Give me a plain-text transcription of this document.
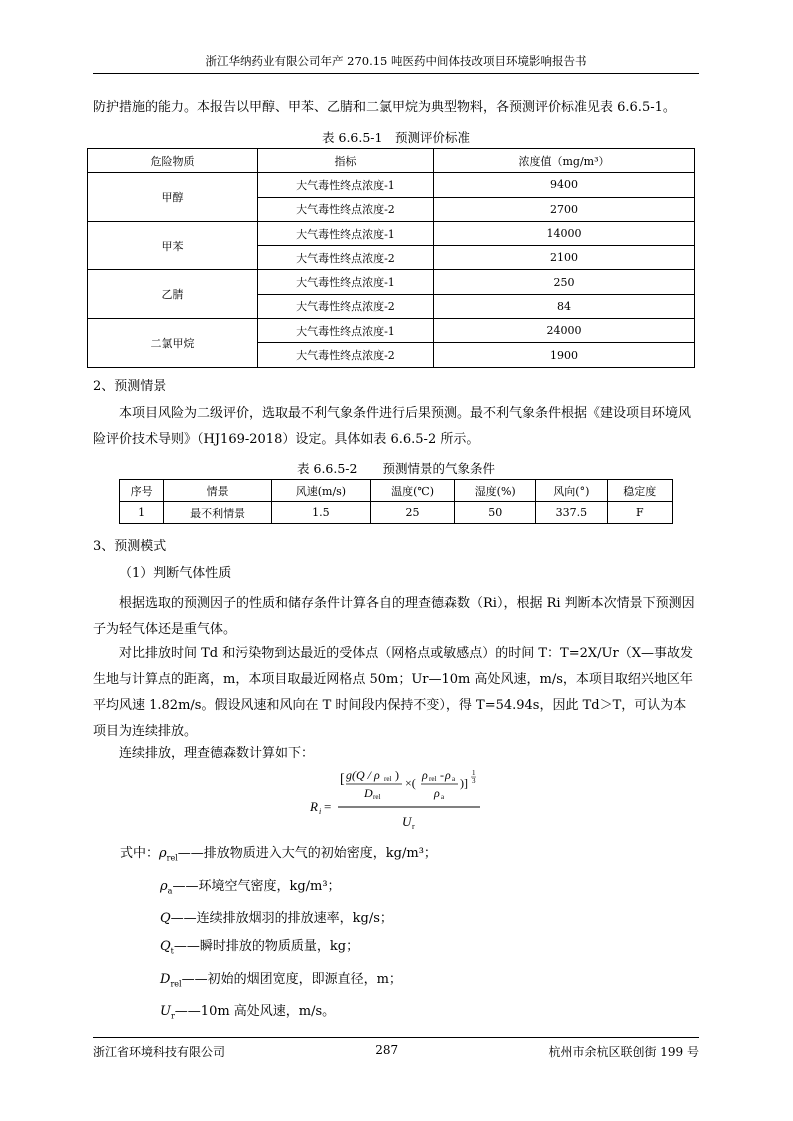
浙江华纳药业有限公司年产 270.15 吨医药中间体技改项目环境影响报告书

防护措施的能力。本报告以甲醇、甲苯、乙腈和二氯甲烷为典型物料，各预测评价标准见表 6.6.5-1。

表 6.6.5-1　预测评价标准

危险物质	指标	浓度值（mg/m³）
甲醇	大气毒性终点浓度-1	9400
	大气毒性终点浓度-2	2700
甲苯	大气毒性终点浓度-1	14000
	大气毒性终点浓度-2	2100
乙腈	大气毒性终点浓度-1	250
	大气毒性终点浓度-2	84
二氯甲烷	大气毒性终点浓度-1	24000
	大气毒性终点浓度-2	1900

2、预测情景

本项目风险为二级评价，选取最不利气象条件进行后果预测。最不利气象条件根据《建设项目环境风险评价技术导则》（HJ169-2018）设定。具体如表 6.6.5-2 所示。

表 6.6.5-2　　预测情景的气象条件

序号	情景	风速(m/s)	温度(℃)	湿度(%)	风向(°)	稳定度
1	最不利情景	1.5	25	50	337.5	F

3、预测模式

（1）判断气体性质

根据选取的预测因子的性质和储存条件计算各自的理查德森数（Ri），根据 Ri 判断本次情景下预测因子为轻气体还是重气体。

对比排放时间 Td 和污染物到达最近的受体点（网格点或敏感点）的时间 T：T=2X/Ur（X—事故发生地与计算点的距离，m，本项目取最近网格点 50m；Ur—10m 高处风速，m/s，本项目取绍兴地区年平均风速 1.82m/s。假设风速和风向在 T 时间段内保持不变），得 T=54.94s，因此 Td＞T，可认为本项目为连续排放。

连续排放，理查德森数计算如下：

R i =
[ g(Q / ρ rel )
D rel
×(
ρ rel - ρ a
ρ a
)]
1
3
U r
式中：$\rho_{rel}——$排放物质进入大气的初始密度，kg/m³；
$\rho_a——$环境空气密度，kg/m³；
Q——连续排放烟羽的排放速率，kg/s；
$Q_t——$瞬时排放的物质质量，kg；
$D_{rel}——$初始的烟团宽度，即源直径，m；
$U_r——10m$ 高处风速，m/s。
浙江省环境科技有限公司	287	杭州市余杭区联创街 199 号
